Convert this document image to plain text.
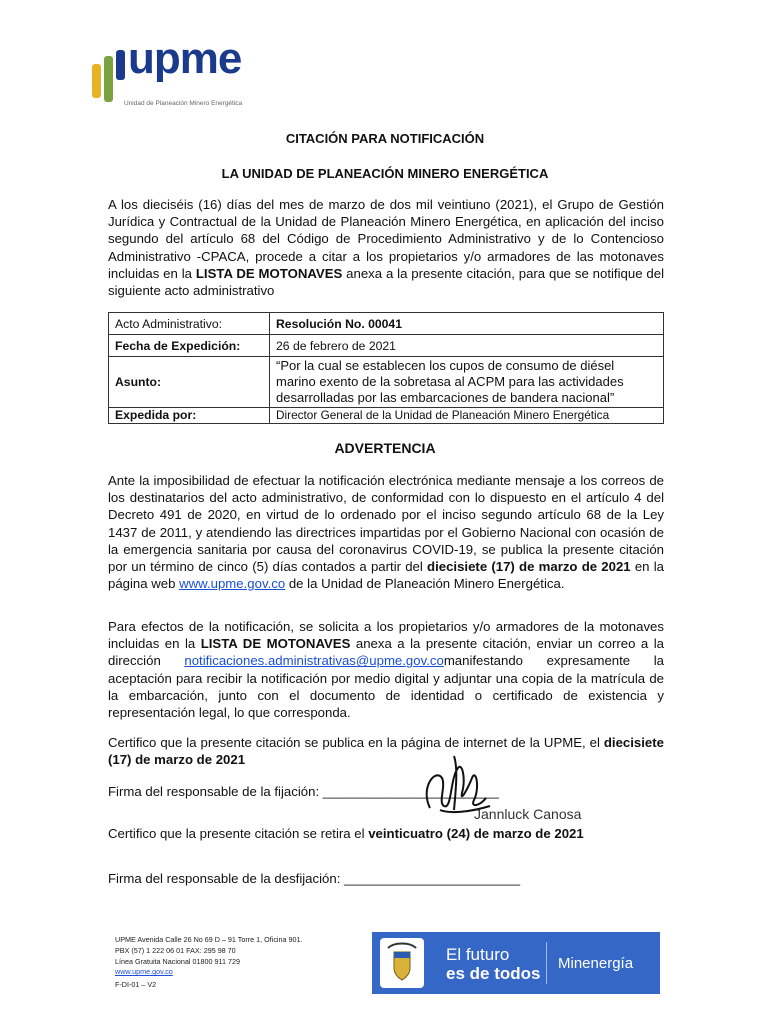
upme
Unidad de Planeación Minero Energética
CITACIÓN PARA NOTIFICACIÓN
LA UNIDAD DE PLANEACIÓN MINERO ENERGÉTICA

A los dieciséis (16) días del mes de marzo de dos mil veintiuno (2021), el Grupo de Gestión Jurídica y Contractual de la Unidad de Planeación Minero Energética, en aplicación del inciso segundo del artículo 68 del Código de Procedimiento Administrativo y de lo Contencioso Administrativo -CPACA, procede a citar a los propietarios y/o armadores de las motonaves incluidas en la LISTA DE MOTONAVES anexa a la presente citación, para que se notifique del siguiente acto administrativo

Acto Administrativo:	Resolución No. 00041
Fecha de Expedición:	26 de febrero de 2021
Asunto:	“Por la cual se establecen los cupos de consumo de diésel marino exento de la sobretasa al ACPM para las actividades desarrolladas por las embarcaciones de bandera nacional”
Expedida por:	Director General de la Unidad de Planeación Minero Energética
ADVERTENCIA

Ante la imposibilidad de efectuar la notificación electrónica mediante mensaje a los correos de los destinatarios del acto administrativo, de conformidad con lo dispuesto en el artículo 4 del Decreto 491 de 2020, en virtud de lo ordenado por el inciso segundo artículo 68 de la Ley 1437 de 2011, y atendiendo las directrices impartidas por el Gobierno Nacional con ocasión de la emergencia sanitaria por causa del coronavirus COVID-19, se publica la presente citación por un término de cinco (5) días contados a partir del diecisiete (17) de marzo de 2021 en la página web www.upme.gov.co de la Unidad de Planeación Minero Energética.

Para efectos de la notificación, se solicita a los propietarios y/o armadores de la motonaves incluidas en la LISTA DE MOTONAVES anexa a la presente citación, enviar un correo a la dirección notificaciones.administrativas@upme.gov.comanifestando expresamente la aceptación para recibir la notificación por medio digital y adjuntar una copia de la matrícula de la embarcación, junto con el documento de identidad o certificado de existencia y representación legal, lo que corresponda.

Certifico que la presente citación se publica en la página de internet de la UPME, el diecisiete (17) de marzo de 2021

Firma del responsable de la fijación: ________________________
Jannluck Canosa

Certifico que la presente citación se retira el veinticuatro (24) de marzo de 2021

Firma del responsable de la desfijación: ________________________
UPME Avenida Calle 26 No 69 D – 91 Torre 1, Oficina 901.
PBX (57) 1 222 06 01 FAX: 295 98 70
Línea Gratuita Nacional 01800 911 729
www.upme.gov.co
F-DI-01 – V2
El futuro
es de todos
Minenergía
